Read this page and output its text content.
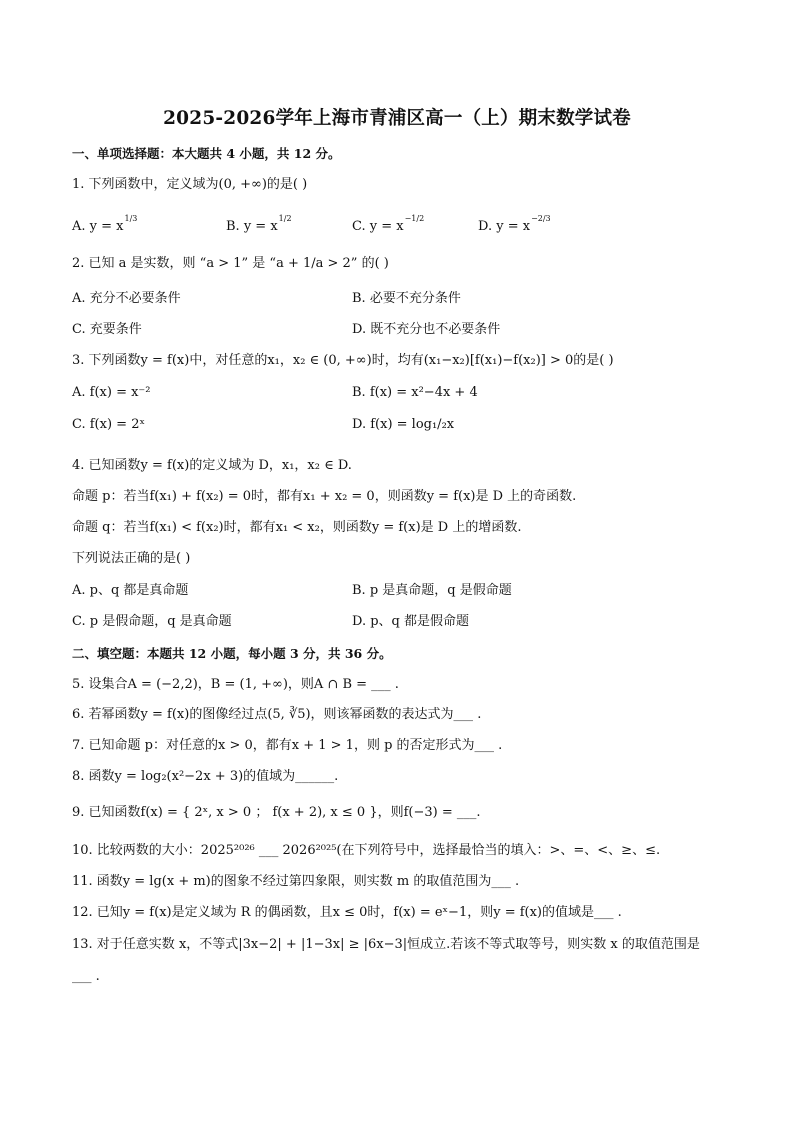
2025-2026学年上海市青浦区高一（上）期末数学试卷
一、单项选择题：本大题共 4 小题，共 12 分。
1. 下列函数中，定义域为(0, +∞)的是( )
A. $y = x^{1/3}$
B. $y = x^{1/2}$
C. $y = x^{-1/2}$
D. $y = x^{-2/3}$
2. 已知 a 是实数，则 “a > 1” 是 “a + 1/a > 2” 的( )
A. 充分不必要条件	B. 必要不充分条件
C. 充要条件	D. 既不充分也不必要条件
3. 下列函数y = f(x)中，对任意的x₁，x₂ ∈ (0, +∞)时，均有(x₁−x₂)[f(x₁)−f(x₂)] > 0的是( )
A. f(x) = x⁻²	B. f(x) = x²−4x + 4
C. f(x) = 2ˣ	D. f(x) = log₁/₂x
4. 已知函数y = f(x)的定义域为 D，x₁，x₂ ∈ D.
命题 p：若当f(x₁) + f(x₂) = 0时，都有x₁ + x₂ = 0，则函数y = f(x)是 D 上的奇函数.
命题 q：若当f(x₁) < f(x₂)时，都有x₁ < x₂，则函数y = f(x)是 D 上的增函数.
下列说法正确的是( )
A. p、q 都是真命题	B. p 是真命题，q 是假命题
C. p 是假命题，q 是真命题	D. p、q 都是假命题
二、填空题：本题共 12 小题，每小题 3 分，共 36 分。
5. 设集合A = (−2,2)，B = (1, +∞)，则A ∩ B = ___ .
6. 若幂函数y = f(x)的图像经过点(5, ∛5)，则该幂函数的表达式为___ .
7. 已知命题 p：对任意的x > 0，都有x + 1 > 1，则 p 的否定形式为___ .
8. 函数y = log₂(x²−2x + 3)的值域为______.
9. 已知函数f(x) = { 2ˣ, x > 0 ； f(x + 2), x ≤ 0 }，则f(−3) = ___.
10. 比较两数的大小：2025²⁰²⁶ ___ 2026²⁰²⁵(在下列符号中，选择最恰当的填入：>、=、<、≥、≤.
11. 函数y = lg(x + m)的图象不经过第四象限，则实数 m 的取值范围为___ .
12. 已知y = f(x)是定义域为 R 的偶函数，且x ≤ 0时，f(x) = eˣ−1，则y = f(x)的值域是___ .
13. 对于任意实数 x，不等式|3x−2| + |1−3x| ≥ |6x−3|恒成立.若该不等式取等号，则实数 x 的取值范围是
___ .
